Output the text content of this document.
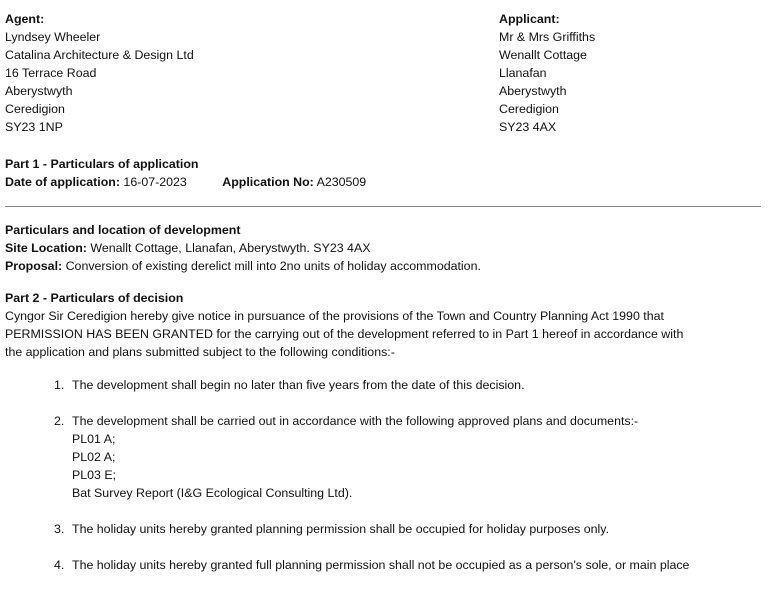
Agent:
Lyndsey Wheeler
Catalina Architecture & Design Ltd
16 Terrace Road
Aberystwyth
Ceredigion
SY23 1NP
Applicant:
Mr & Mrs Griffiths
Wenallt Cottage
Llanafan
Aberystwyth
Ceredigion
SY23 4AX
Part 1 - Particulars of application
Date of application: 16-07-2023	Application No: A230509
Particulars and location of development
Site Location: Wenallt Cottage, Llanafan, Aberystwyth. SY23 4AX
Proposal: Conversion of existing derelict mill into 2no units of holiday accommodation.
Part 2 - Particulars of decision
Cyngor Sir Ceredigion hereby give notice in pursuance of the provisions of the Town and Country Planning Act 1990 that
PERMISSION HAS BEEN GRANTED for the carrying out of the development referred to in Part 1 hereof in accordance with
the application and plans submitted subject to the following conditions:-
1. The development shall begin no later than five years from the date of this decision.
2. The development shall be carried out in accordance with the following approved plans and documents:-
PL01 A;
PL02 A;
PL03 E;
Bat Survey Report (I&G Ecological Consulting Ltd).
3. The holiday units hereby granted planning permission shall be occupied for holiday purposes only.
4. The holiday units hereby granted full planning permission shall not be occupied as a person's sole, or main place
